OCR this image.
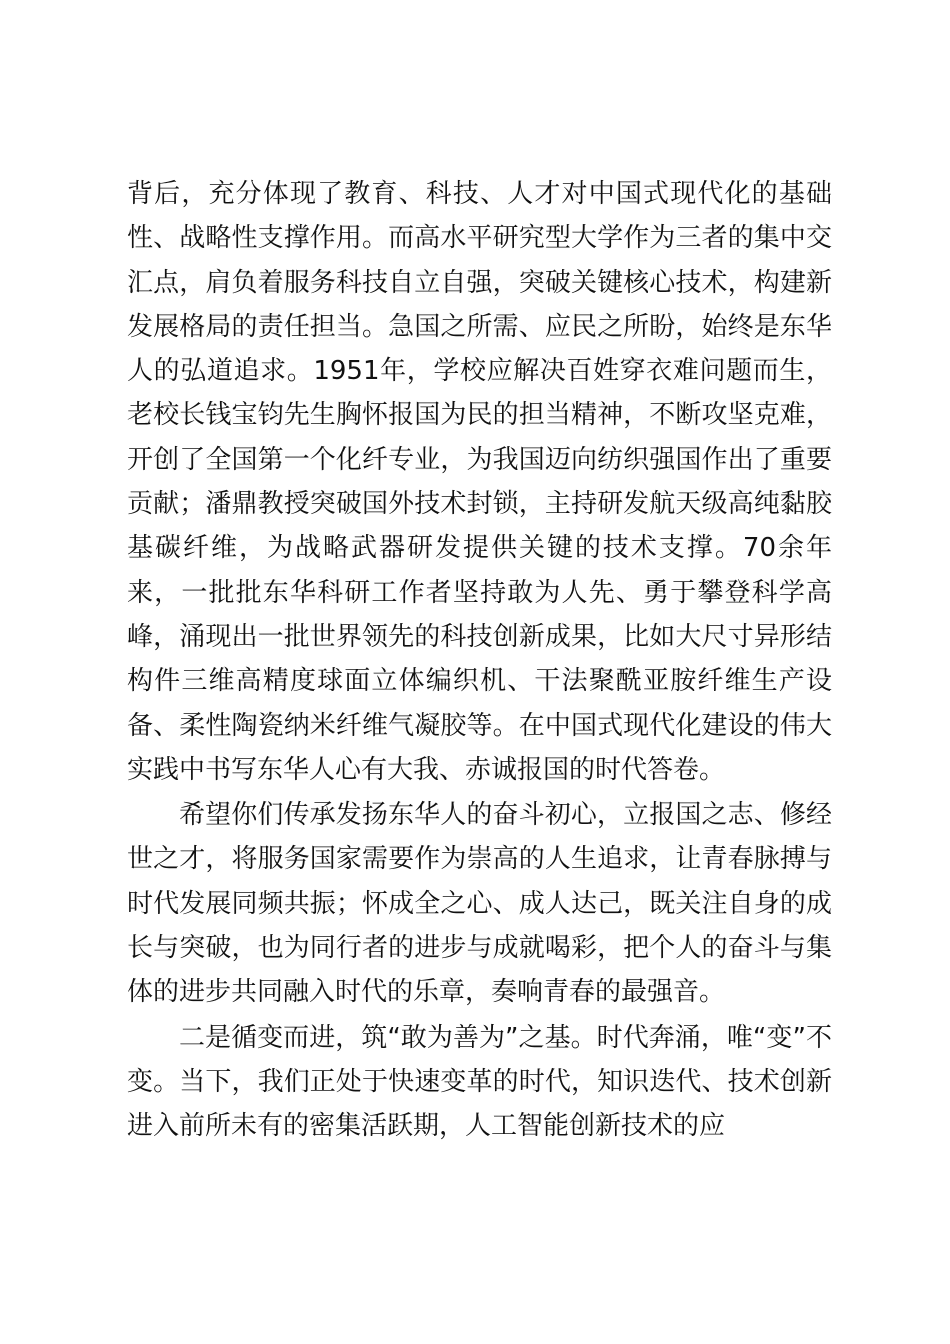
背后，充分体现了教育、科技、人才对中国式现代化的基础性、战略性支撑作用。而高水平研究型大学作为三者的集中交汇点，肩负着服务科技自立自强，突破关键核心技术，构建新发展格局的责任担当。急国之所需、应民之所盼，始终是东华人的弘道追求。1951年，学校应解决百姓穿衣难问题而生，老校长钱宝钧先生胸怀报国为民的担当精神，不断攻坚克难，开创了全国第一个化纤专业，为我国迈向纺织强国作出了重要贡献；潘鼎教授突破国外技术封锁，主持研发航天级高纯黏胶基碳纤维，为战略武器研发提供关键的技术支撑。70余年来，一批批东华科研工作者坚持敢为人先、勇于攀登科学高峰，涌现出一批世界领先的科技创新成果，比如大尺寸异形结构件三维高精度球面立体编织机、干法聚酰亚胺纤维生产设备、柔性陶瓷纳米纤维气凝胶等。在中国式现代化建设的伟大实践中书写东华人心有大我、赤诚报国的时代答卷。

希望你们传承发扬东华人的奋斗初心，立报国之志、修经世之才，将服务国家需要作为崇高的人生追求，让青春脉搏与时代发展同频共振；怀成全之心、成人达己，既关注自身的成长与突破，也为同行者的进步与成就喝彩，把个人的奋斗与集体的进步共同融入时代的乐章，奏响青春的最强音。

二是循变而进，筑“敢为善为”之基。时代奔涌，唯“变”不变。当下，我们正处于快速变革的时代，知识迭代、技术创新进入前所未有的密集活跃期，人工智能创新技术的应
